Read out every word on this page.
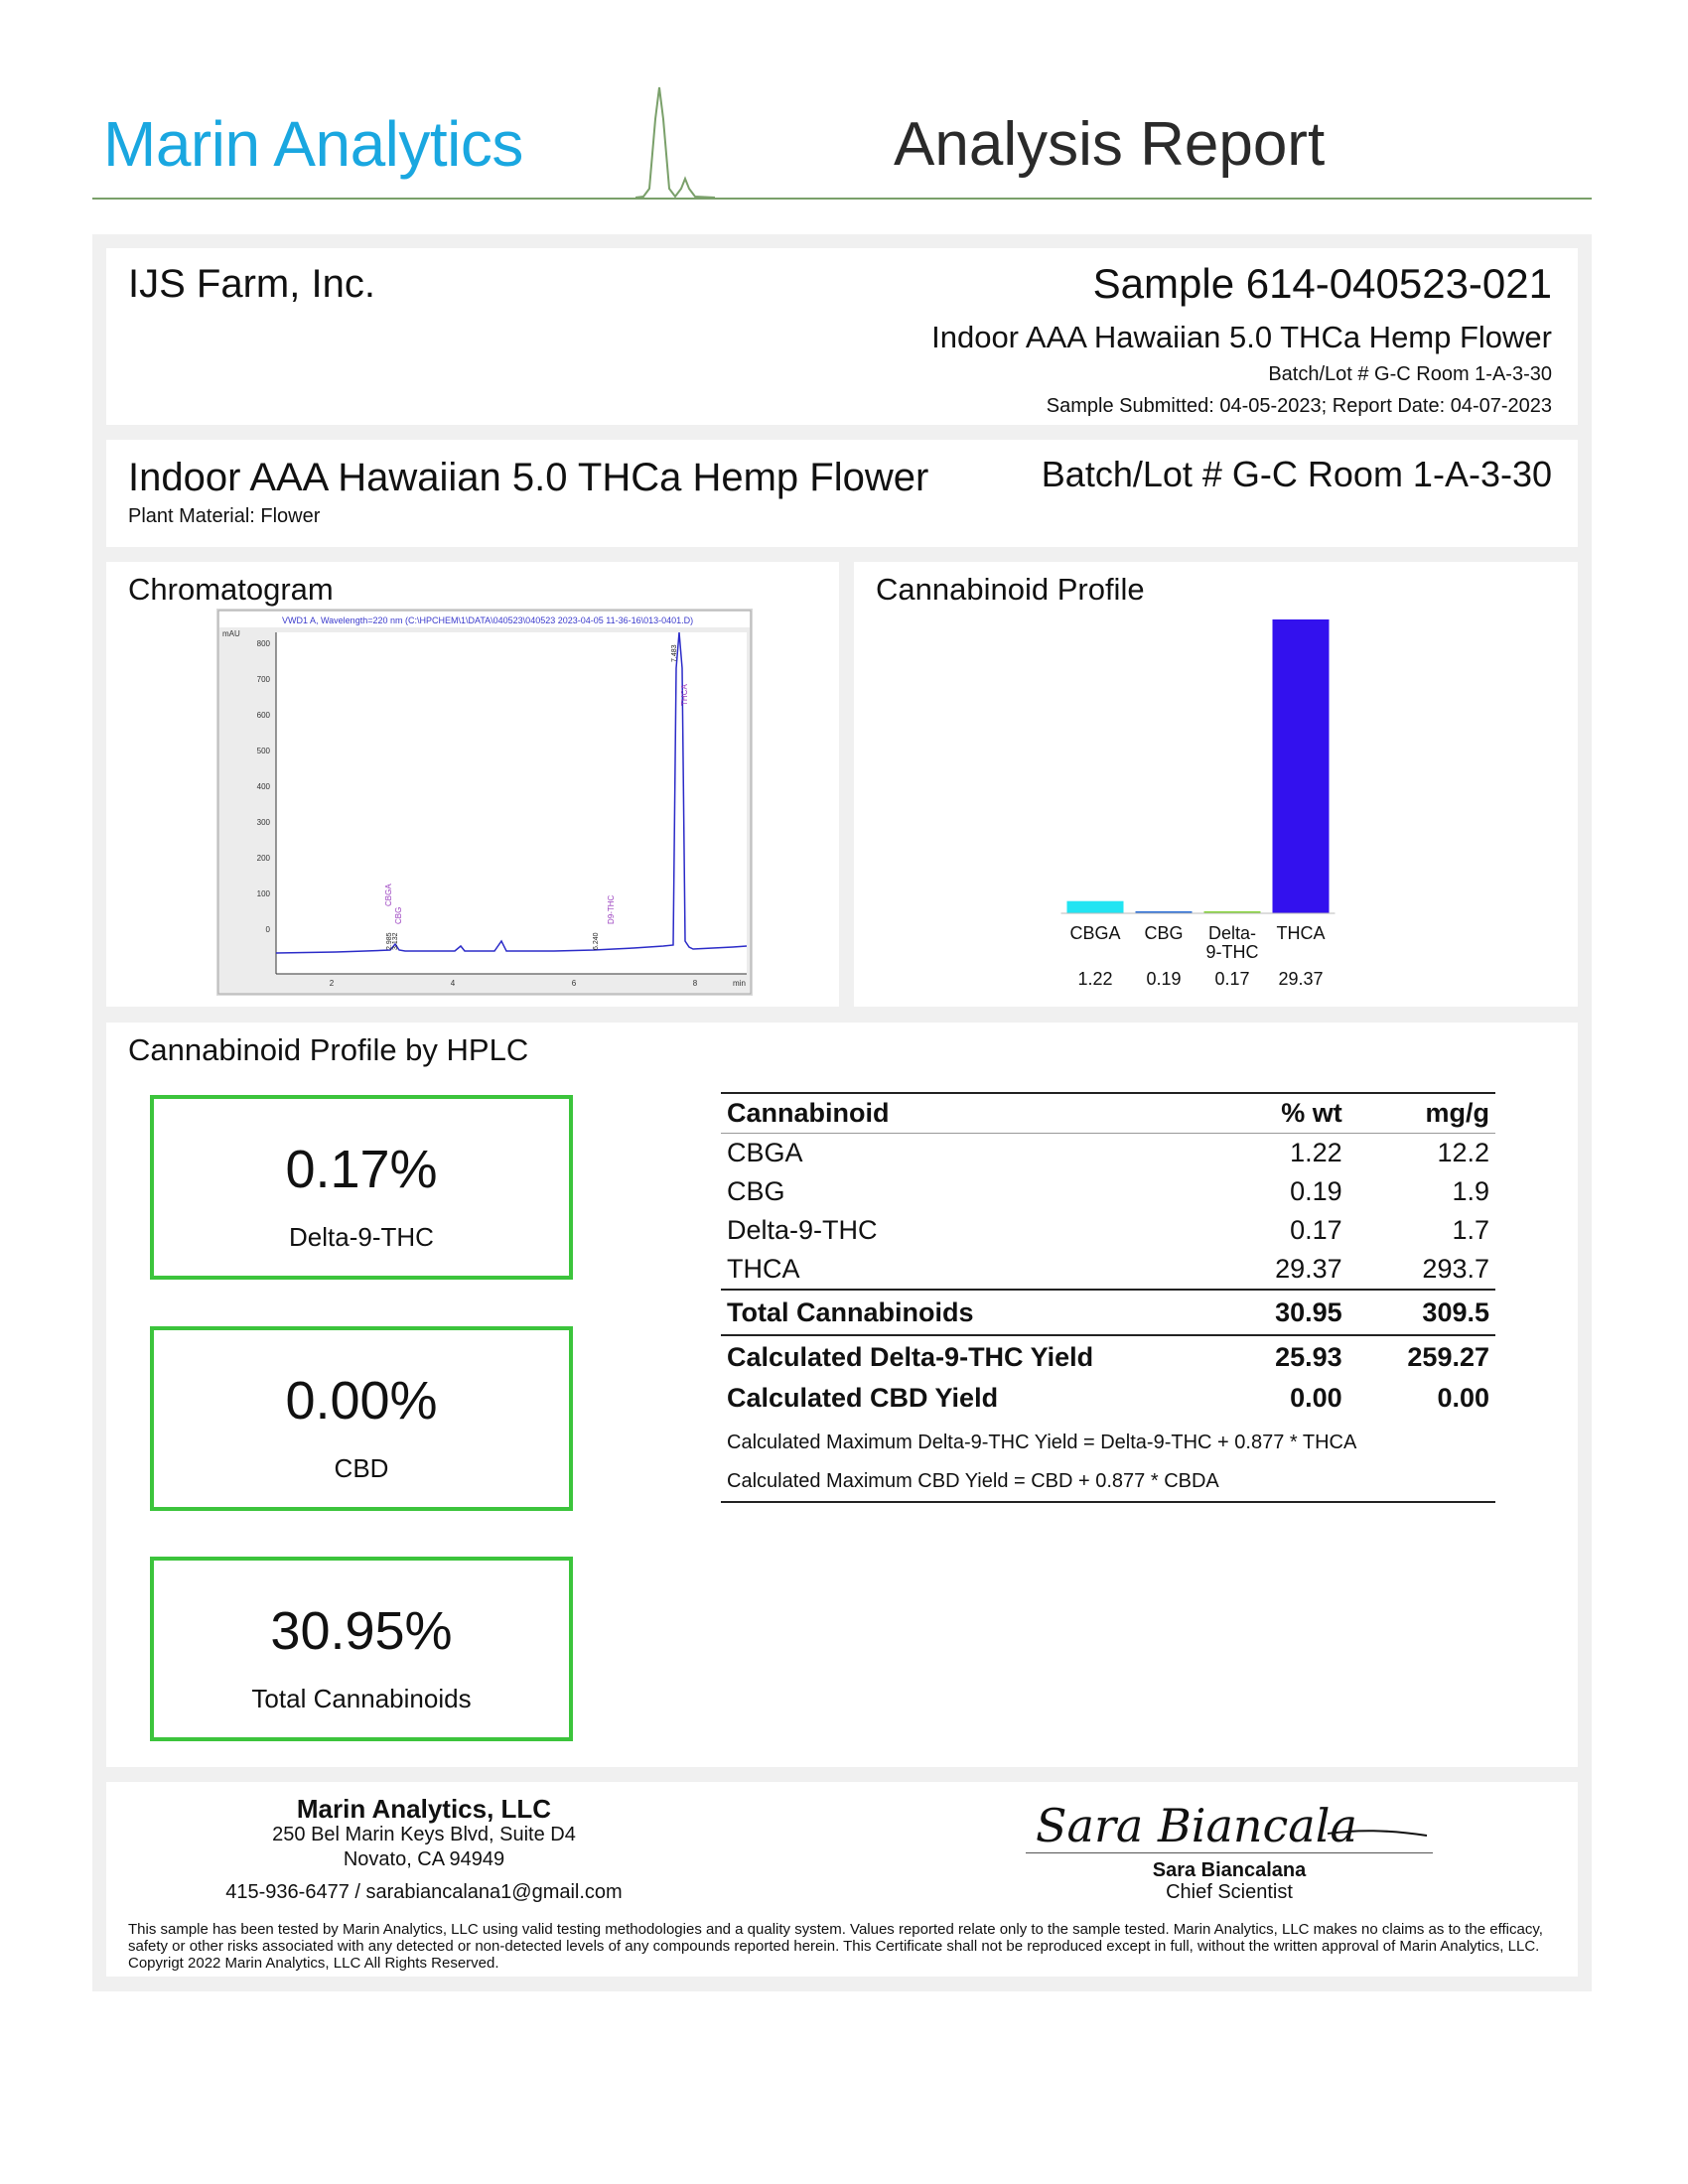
Marin Analytics	Analysis Report
IJS Farm, Inc.	Sample 614-040523-021
Indoor AAA Hawaiian 5.0 THCa Hemp Flower
Batch/Lot # G-C Room 1-A-3-30
Sample Submitted: 04-05-2023; Report Date: 04-07-2023
Indoor AAA Hawaiian 5.0 THCa Hemp Flower
Plant Material: Flower
Batch/Lot # G-C Room 1-A-3-30
Chromatogram
VWD1 A, Wavelength=220 nm (C:\HPCHEM\1\DATA\040523\040523 2023-04-05 11-36-16\013-0401.D)
mAU
min
800
700
600
500
400
300
200
100
0
2	4	6	8
CBGA
CBG	D9-THC
THCA
3.132
2.985	6.240
7.483
Cannabinoid Profile
CBGA
1.22
CBG
0.19
Delta-
9-THC
0.17
THCA
29.37
Cannabinoid Profile by HPLC
0.17%
Delta-9-THC
0.00%
CBD
30.95%
Total Cannabinoids
Cannabinoid	% wt	mg/g
CBGA	1.22	12.2
CBG	0.19	1.9
Delta-9-THC	0.17	1.7
THCA	29.37	293.7
Total Cannabinoids	30.95	309.5
Calculated Delta-9-THC Yield	25.93	259.27
Calculated CBD Yield	0.00	0.00
Calculated Maximum Delta-9-THC Yield = Delta-9-THC + 0.877 * THCA		
Calculated Maximum CBD Yield = CBD + 0.877 * CBDA		
Marin Analytics, LLC
250 Bel Marin Keys Blvd, Suite D4
Novato, CA 94949
415-936-6477 / sarabiancalana1@gmail.com
Sara Biancala
Sara Biancalana
Chief Scientist
This sample has been tested by Marin Analytics, LLC using valid testing methodologies and a quality system. Values reported relate only to the sample tested. Marin Analytics, LLC makes no claims as to the efficacy, safety or other risks associated with any detected or non-detected levels of any compounds reported herein. This Certificate shall not be reproduced except in full, without the written approval of Marin Analytics, LLC. Copyrigt 2022 Marin Analytics, LLC All Rights Reserved.
